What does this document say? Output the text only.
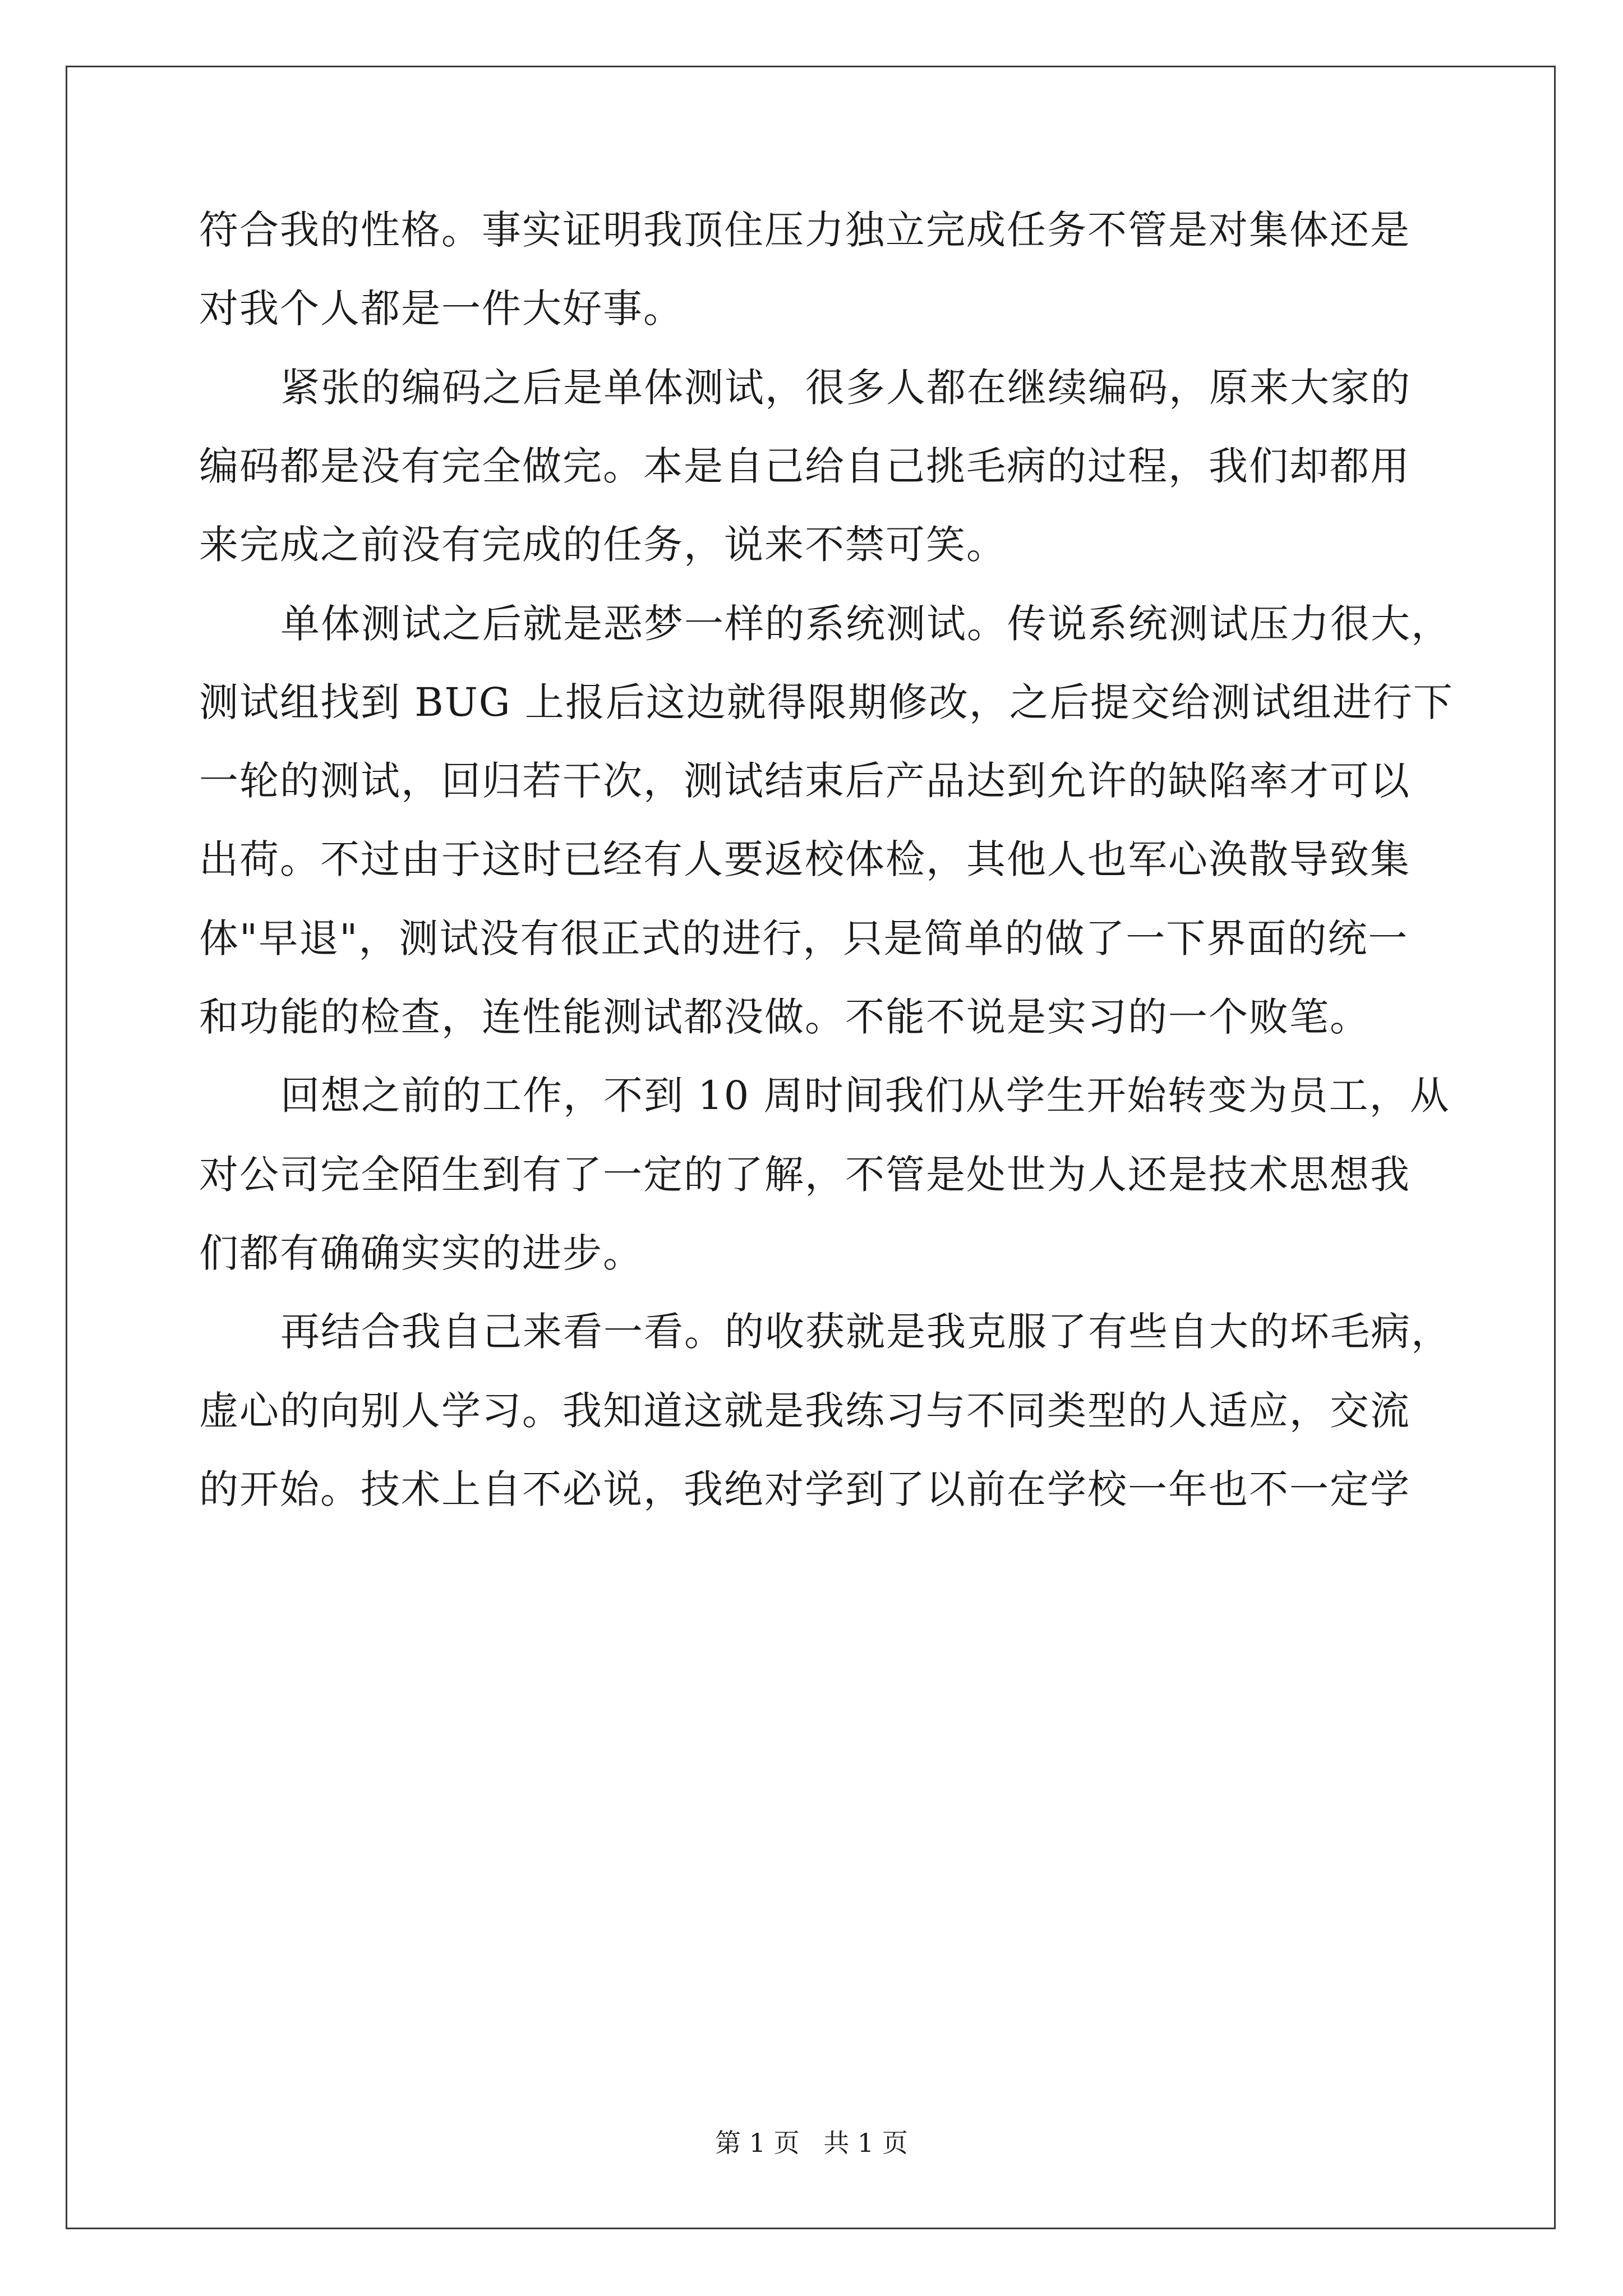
符合我的性格。事实证明我顶住压力独立完成任务不管是对集体还是
对我个人都是一件大好事。
紧张的编码之后是单体测试，很多人都在继续编码，原来大家的
编码都是没有完全做完。本是自己给自己挑毛病的过程，我们却都用
来完成之前没有完成的任务，说来不禁可笑。
单体测试之后就是恶梦一样的系统测试。传说系统测试压力很大，
测试组找到 BUG 上报后这边就得限期修改，之后提交给测试组进行下
一轮的测试，回归若干次，测试结束后产品达到允许的缺陷率才可以
出荷。不过由于这时已经有人要返校体检，其他人也军心涣散导致集
体"早退"，测试没有很正式的进行，只是简单的做了一下界面的统一
和功能的检查，连性能测试都没做。不能不说是实习的一个败笔。
回想之前的工作，不到 10 周时间我们从学生开始转变为员工，从
对公司完全陌生到有了一定的了解，不管是处世为人还是技术思想我
们都有确确实实的进步。
再结合我自己来看一看。的收获就是我克服了有些自大的坏毛病，
虚心的向别人学习。我知道这就是我练习与不同类型的人适应，交流
的开始。技术上自不必说，我绝对学到了以前在学校一年也不一定学
第 1 页 共 1 页
